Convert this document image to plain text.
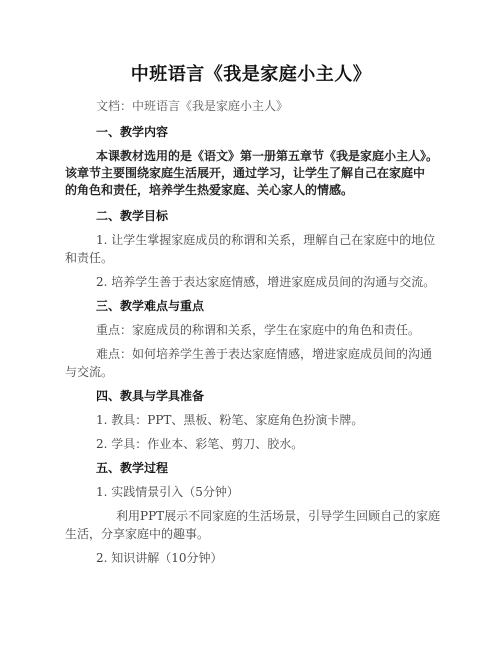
中班语言《我是家庭小主人》
文档：中班语言《我是家庭小主人》
一、教学内容
本课教材选用的是《语文》第一册第五章节《我是家庭小主人》。
该章节主要围绕家庭生活展开，通过学习，让学生了解自己在家庭中
的角色和责任，培养学生热爱家庭、关心家人的情感。
二、教学目标
1. 让学生掌握家庭成员的称谓和关系，理解自己在家庭中的地位
和责任。
2. 培养学生善于表达家庭情感，增进家庭成员间的沟通与交流。
三、教学难点与重点
重点：家庭成员的称谓和关系，学生在家庭中的角色和责任。
难点：如何培养学生善于表达家庭情感，增进家庭成员间的沟通
与交流。
四、教具与学具准备
1. 教具：PPT、黑板、粉笔、家庭角色扮演卡牌。
2. 学具：作业本、彩笔、剪刀、胶水。
五、教学过程
1. 实践情景引入（5分钟）
利用PPT展示不同家庭的生活场景，引导学生回顾自己的家庭
生活，分享家庭中的趣事。
2. 知识讲解（10分钟）
